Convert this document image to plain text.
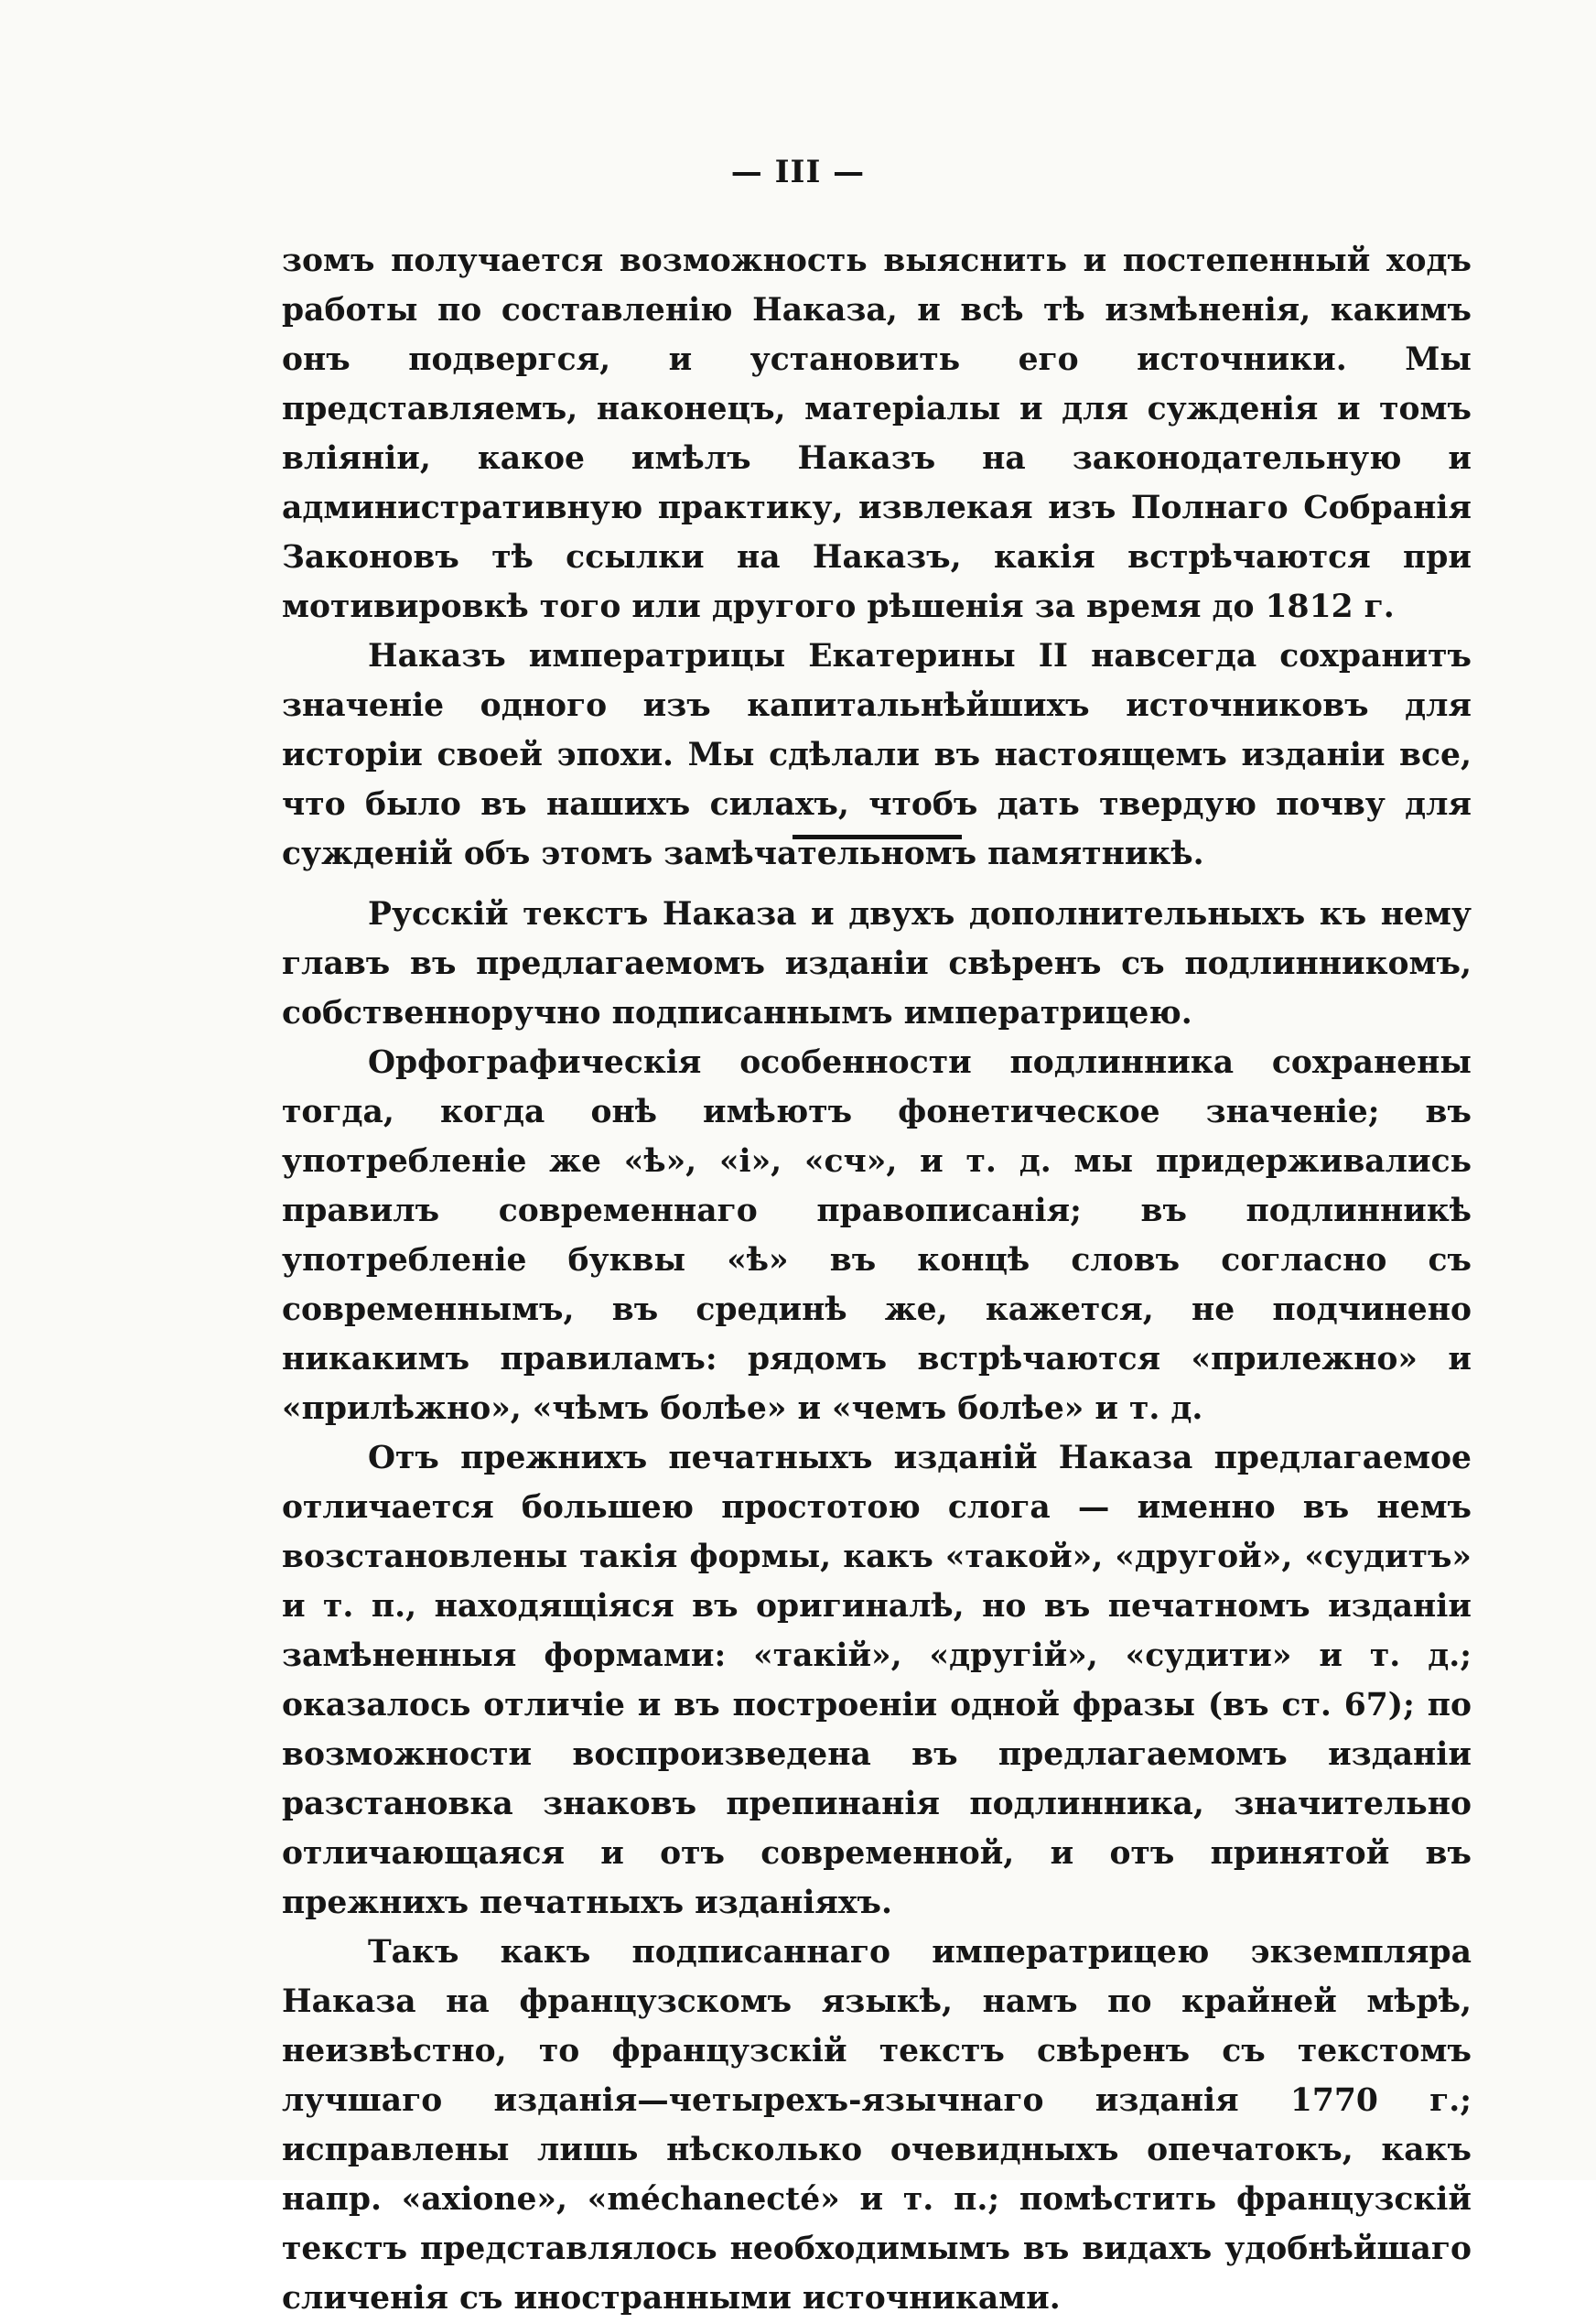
— III —

зомъ получается возможность выяснить и постепенный ходъ работы по составленію Наказа, и всѣ тѣ измѣненія, какимъ онъ подвергся, и установить его источники. Мы представляемъ, наконецъ, матеріалы и для сужденія и томъ вліяніи, какое имѣлъ Наказъ на законодательную и административную практику, извлекая изъ Полнаго Собранія Законовъ тѣ ссылки на Наказъ, какія встрѣчаются при мотивировкѣ того или другого рѣшенія за время до 1812 г.

Наказъ императрицы Екатерины II навсегда сохранитъ значеніе одного изъ капитальнѣйшихъ источниковъ для исторіи своей эпохи. Мы сдѣлали въ настоящемъ изданіи все, что было въ нашихъ силахъ, чтобъ дать твердую почву для сужденій объ этомъ замѣчательномъ памятникѣ.

Русскій текстъ Наказа и двухъ дополнительныхъ къ нему главъ въ предлагаемомъ изданіи свѣренъ съ подлинникомъ, собственноручно подписаннымъ императрицею.

Орфографическія особенности подлинника сохранены тогда, когда онѣ имѣютъ фонетическое значеніе; въ употребленіе же «ѣ», «і», «сч», и т. д. мы придерживались правилъ современнаго правописанія; въ подлинникѣ употребленіе буквы «ѣ» въ концѣ словъ согласно съ современнымъ, въ срединѣ же, кажется, не подчинено никакимъ правиламъ: рядомъ встрѣчаются «прилежно» и «прилѣжно», «чѣмъ болѣе» и «чемъ болѣе» и т. д.

Отъ прежнихъ печатныхъ изданій Наказа предлагаемое отличается большею простотою слога — именно въ немъ возстановлены такія формы, какъ «такой», «другой», «судитъ» и т. п., находящіяся въ оригиналѣ, но въ печатномъ изданіи замѣненныя формами: «такій», «другій», «судити» и т. д.; оказалось отличіе и въ построеніи одной фразы (въ ст. 67); по возможности воспроизведена въ предлагаемомъ изданіи разстановка знаковъ препинанія подлинника, значительно отличающаяся и отъ современной, и отъ принятой въ прежнихъ печатныхъ изданіяхъ.

Такъ какъ подписаннаго императрицею экземпляра Наказа на французскомъ языкѣ, намъ по крайней мѣрѣ, неизвѣстно, то французскій текстъ свѣренъ съ текстомъ лучшаго изданія—четырехъ-язычнаго изданія 1770 г.; исправлены лишь нѣсколько очевидныхъ опечатокъ, какъ напр. «axione», «méchanecté» и т. п.; помѣстить французскій текстъ представлялось необходимымъ въ видахъ удобнѣйшаго сличенія съ иностранными источниками.
